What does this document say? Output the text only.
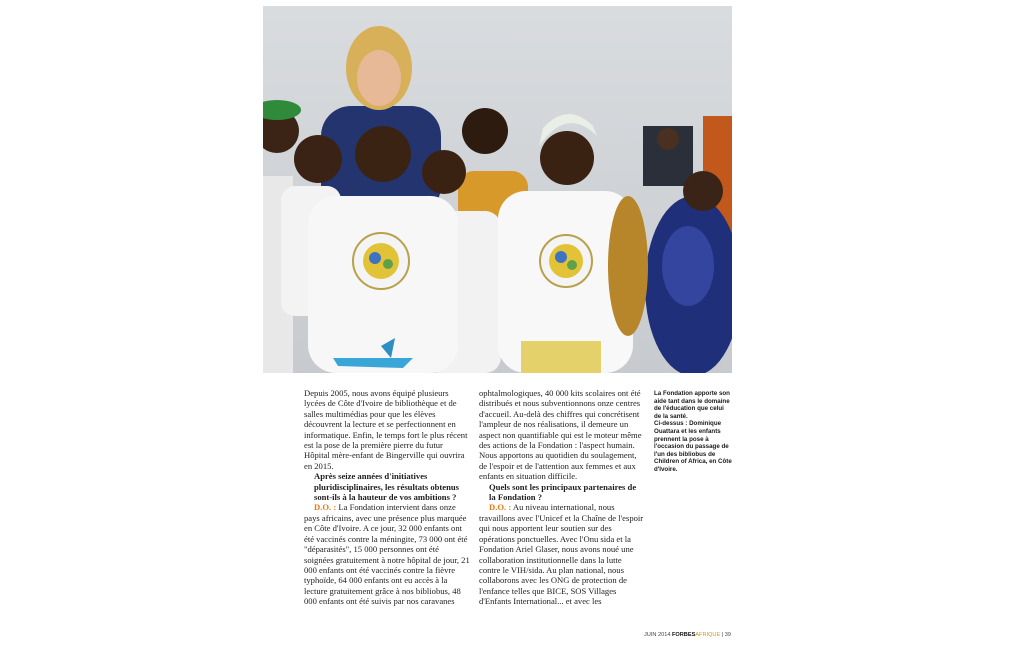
Depuis 2005, nous avons équipé plusieurs lycées de Côte d'Ivoire de bibliothèque et de salles multimédias pour que les élèves découvrent la lecture et se perfectionnent en informatique. Enfin, le temps fort le plus récent est la pose de la première pierre du futur Hôpital mère-enfant de Bingerville qui ouvrira en 2015.

Après seize années d'initiatives pluridisciplinaires, les résultats obtenus sont-ils à la hauteur de vos ambitions ?

D.O. : La Fondation intervient dans onze pays africains, avec une présence plus marquée en Côte d'Ivoire. A ce jour, 32 000 enfants ont été vaccinés contre la méningite, 73 000 ont été "déparasités", 15 000 personnes ont été soignées gratuitement à notre hôpital de jour, 21 000 enfants ont été vaccinés contre la fièvre typhoïde, 64 000 enfants ont eu accès à la lecture gratuitement grâce à nos bibliobus, 48 000 enfants ont été suivis par nos caravanes

ophtalmologiques, 40 000 kits scolaires ont été distribués et nous subventionnons onze centres d'accueil. Au-delà des chiffres qui concrétisent l'ampleur de nos réalisations, il demeure un aspect non quantifiable qui est le moteur même des actions de la Fondation : l'aspect humain. Nous apportons au quotidien du soulagement, de l'espoir et de l'attention aux femmes et aux enfants en situation difficile.

Quels sont les principaux partenaires de la Fondation ?

D.O. : Au niveau international, nous travaillons avec l'Unicef et la Chaîne de l'espoir qui nous apportent leur soutien sur des opérations ponctuelles. Avec l'Onu sida et la Fondation Ariel Glaser, nous avons noué une collaboration institutionnelle dans la lutte contre le VIH/sida. Au plan national, nous collaborons avec les ONG de protection de l'enfance telles que BICE, SOS Villages d'Enfants International... et avec les

La Fondation apporte son aide tant dans le domaine de l'éducation que celui de la santé.

Ci-dessus : Dominique Ouattara et les enfants prennent la pose à l'occasion du passage de l'un des bibliobus de Children of Africa, en Côte d'Ivoire.

JUIN 2014 FORBESAFRIQUE | 39
